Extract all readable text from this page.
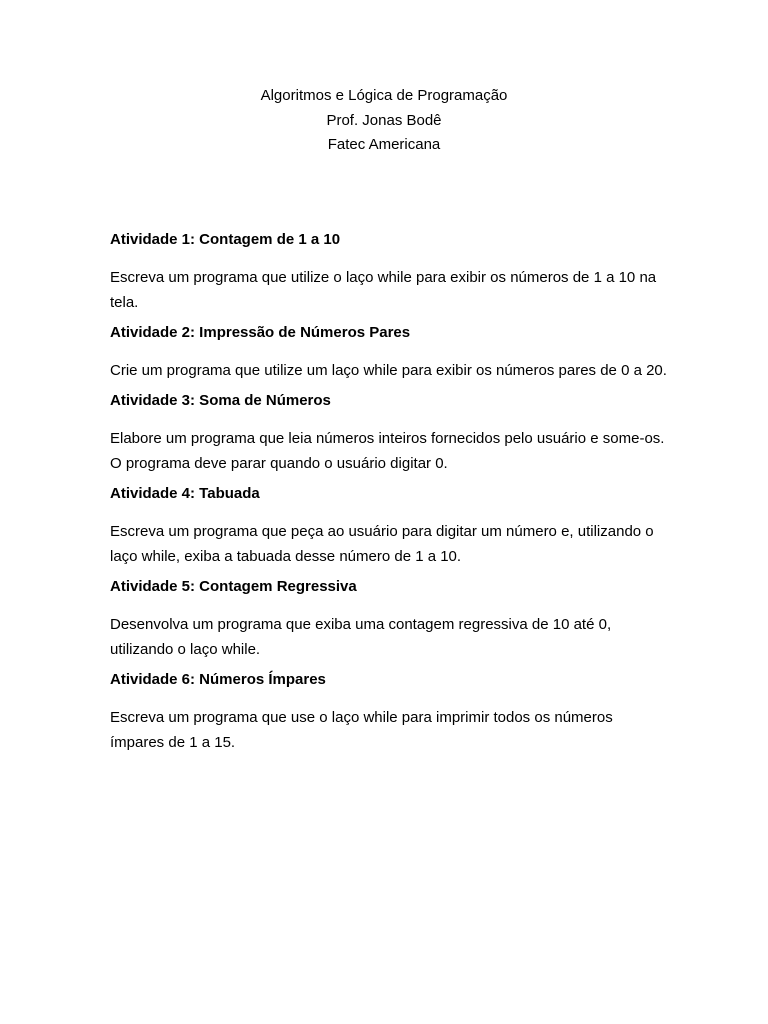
Algoritmos e Lógica de Programação
Prof. Jonas Bodê
Fatec Americana
Atividade 1: Contagem de 1 a 10
Escreva um programa que utilize o laço while para exibir os números de 1 a 10 na tela.
Atividade 2: Impressão de Números Pares
Crie um programa que utilize um laço while para exibir os números pares de 0 a 20.
Atividade 3: Soma de Números
Elabore um programa que leia números inteiros fornecidos pelo usuário e some-os. O programa deve parar quando o usuário digitar 0.
Atividade 4: Tabuada
Escreva um programa que peça ao usuário para digitar um número e, utilizando o laço while, exiba a tabuada desse número de 1 a 10.
Atividade 5: Contagem Regressiva
Desenvolva um programa que exiba uma contagem regressiva de 10 até 0, utilizando o laço while.
Atividade 6: Números Ímpares
Escreva um programa que use o laço while para imprimir todos os números ímpares de 1 a 15.
